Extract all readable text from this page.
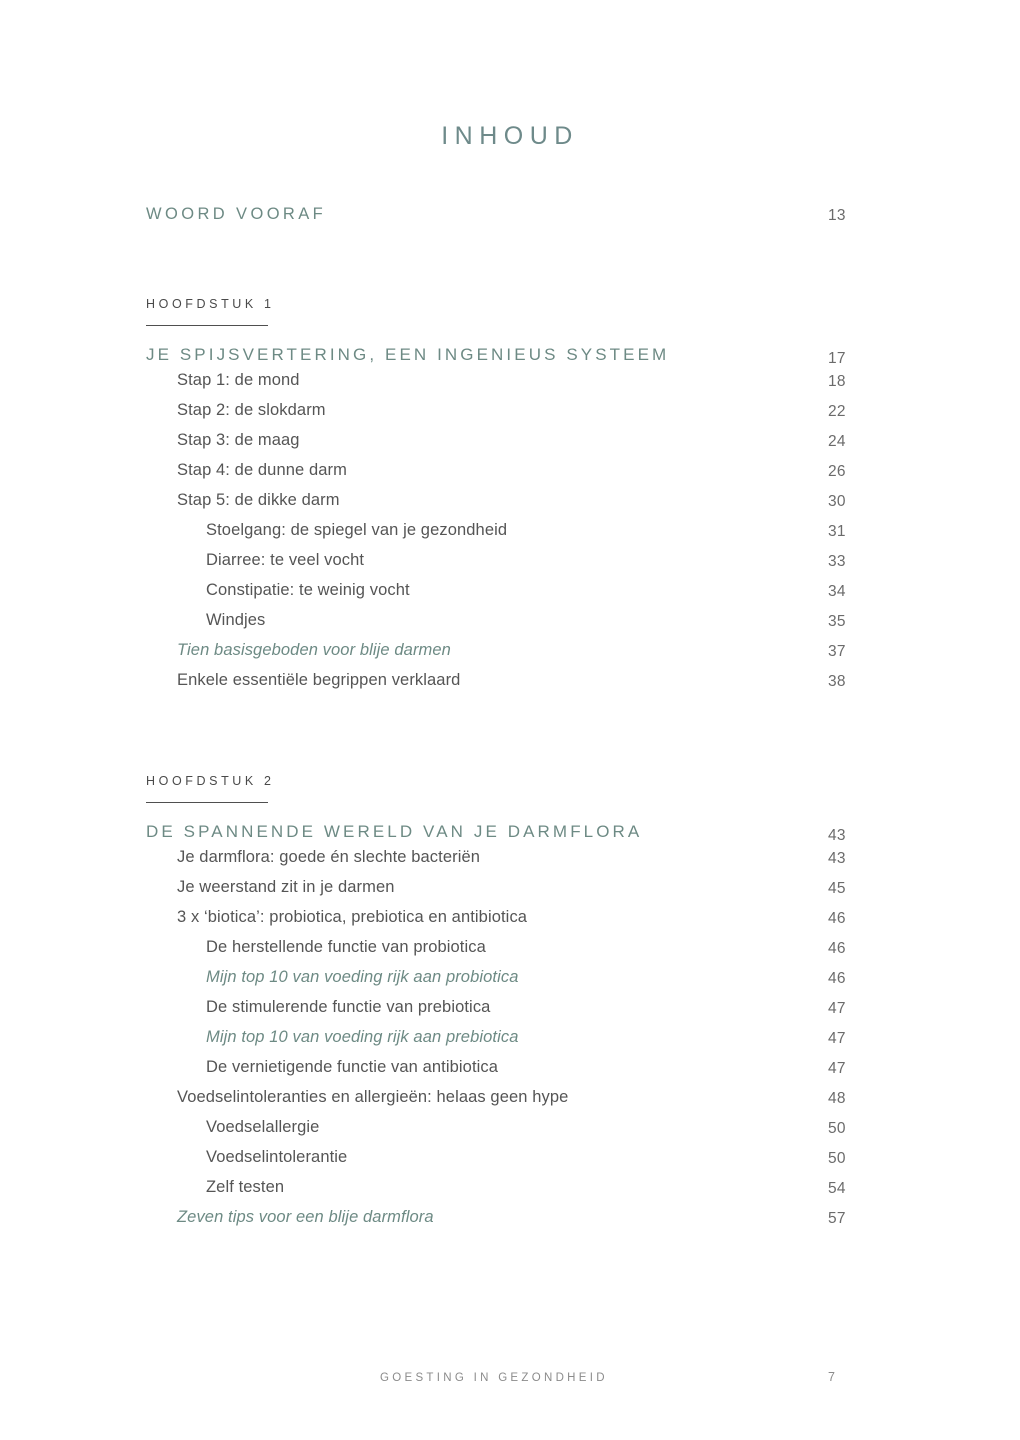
INHOUD
WOORD VOORAF	13
HOOFDSTUK 1
JE SPIJSVERTERING, EEN INGENIEUS SYSTEEM	17
Stap 1: de mond	18
Stap 2: de slokdarm	22
Stap 3: de maag	24
Stap 4: de dunne darm	26
Stap 5: de dikke darm	30
Stoelgang: de spiegel van je gezondheid	31
Diarree: te veel vocht	33
Constipatie: te weinig vocht	34
Windjes	35
Tien basisgeboden voor blije darmen	37
Enkele essentiële begrippen verklaard	38
HOOFDSTUK 2
DE SPANNENDE WERELD VAN JE DARMFLORA	43
Je darmflora: goede én slechte bacteriën	43
Je weerstand zit in je darmen	45
3 x ‘biotica’: probiotica, prebiotica en antibiotica	46
De herstellende functie van probiotica	46
Mijn top 10 van voeding rijk aan probiotica	46
De stimulerende functie van prebiotica	47
Mijn top 10 van voeding rijk aan prebiotica	47
De vernietigende functie van antibiotica	47
Voedselintoleranties en allergieën: helaas geen hype	48
Voedselallergie	50
Voedselintolerantie	50
Zelf testen	54
Zeven tips voor een blije darmflora	57
GOESTING IN GEZONDHEID	7
